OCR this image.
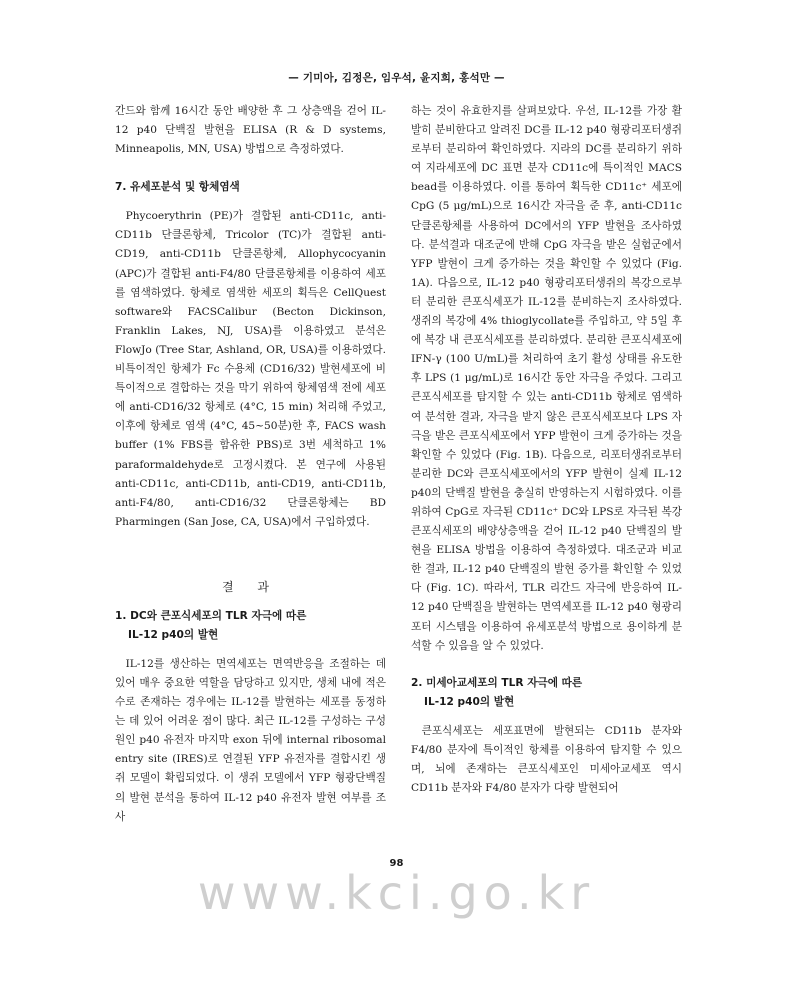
— 기미아, 김정은, 임우석, 윤지희, 홍석만 —

간드와 함께 16시간 동안 배양한 후 그 상층액을 걷어 IL-12 p40 단백질 발현을 ELISA (R & D systems, Minneapolis, MN, USA) 방법으로 측정하였다.

7. 유세포분석 및 항체염색

Phycoerythrin (PE)가 결합된 anti-CD11c, anti-CD11b 단클론항체, Tricolor (TC)가 결합된 anti-CD19, anti-CD11b 단클론항체, Allophycocyanin (APC)가 결합된 anti-F4/80 단클론항체를 이용하여 세포를 염색하였다. 항체로 염색한 세포의 획득은 CellQuest software와 FACSCalibur (Becton Dickinson, Franklin Lakes, NJ, USA)를 이용하였고 분석은 FlowJo (Tree Star, Ashland, OR, USA)를 이용하였다. 비특이적인 항체가 Fc 수용체 (CD16/32) 발현세포에 비특이적으로 결합하는 것을 막기 위하여 항체염색 전에 세포에 anti-CD16/32 항체로 (4°C, 15 min) 처리해 주었고, 이후에 항체로 염색 (4°C, 45~50분)한 후, FACS wash buffer (1% FBS를 함유한 PBS)로 3번 세척하고 1% paraformaldehyde로 고정시켰다. 본 연구에 사용된 anti-CD11c, anti-CD11b, anti-CD19, anti-CD11b, anti-F4/80, anti-CD16/32 단클론항체는 BD Pharmingen (San Jose, CA, USA)에서 구입하였다.

결 과
1. DC와 큰포식세포의 TLR 자극에 따른
IL-12 p40의 발현

IL-12를 생산하는 면역세포는 면역반응을 조절하는 데 있어 매우 중요한 역할을 담당하고 있지만, 생체 내에 적은 수로 존재하는 경우에는 IL-12를 발현하는 세포를 동정하는 데 있어 어려운 점이 많다. 최근 IL-12를 구성하는 구성원인 p40 유전자 마지막 exon 뒤에 internal ribosomal entry site (IRES)로 연결된 YFP 유전자를 결합시킨 생쥐 모델이 확립되었다. 이 생쥐 모델에서 YFP 형광단백질의 발현 분석을 통하여 IL-12 p40 유전자 발현 여부를 조사

하는 것이 유효한지를 살펴보았다. 우선, IL-12를 가장 활발히 분비한다고 알려진 DC를 IL-12 p40 형광리포터생쥐로부터 분리하여 확인하였다. 지라의 DC를 분리하기 위하여 지라세포에 DC 표면 분자 CD11c에 특이적인 MACS bead를 이용하였다. 이를 통하여 획득한 CD11c⁺ 세포에 CpG (5 μg/mL)으로 16시간 자극을 준 후, anti-CD11c 단클론항체를 사용하여 DC에서의 YFP 발현을 조사하였다. 분석결과 대조군에 반해 CpG 자극을 받은 실험군에서 YFP 발현이 크게 증가하는 것을 확인할 수 있었다 (Fig. 1A). 다음으로, IL-12 p40 형광리포터생쥐의 복강으로부터 분리한 큰포식세포가 IL-12를 분비하는지 조사하였다. 생쥐의 복강에 4% thioglycollate를 주입하고, 약 5일 후에 복강 내 큰포식세포를 분리하였다. 분리한 큰포식세포에 IFN-γ (100 U/mL)를 처리하여 초기 활성 상태를 유도한 후 LPS (1 μg/mL)로 16시간 동안 자극을 주었다. 그리고 큰포식세포를 탐지할 수 있는 anti-CD11b 항체로 염색하여 분석한 결과, 자극을 받지 않은 큰포식세포보다 LPS 자극을 받은 큰포식세포에서 YFP 발현이 크게 증가하는 것을 확인할 수 있었다 (Fig. 1B). 다음으로, 리포터생쥐로부터 분리한 DC와 큰포식세포에서의 YFP 발현이 실제 IL-12 p40의 단백질 발현을 충실히 반영하는지 시험하였다. 이를 위하여 CpG로 자극된 CD11c⁺ DC와 LPS로 자극된 복강 큰포식세포의 배양상층액을 걷어 IL-12 p40 단백질의 발현을 ELISA 방법을 이용하여 측정하였다. 대조군과 비교한 결과, IL-12 p40 단백질의 발현 증가를 확인할 수 있었다 (Fig. 1C). 따라서, TLR 리간드 자극에 반응하여 IL-12 p40 단백질을 발현하는 면역세포를 IL-12 p40 형광리포터 시스템을 이용하여 유세포분석 방법으로 용이하게 분석할 수 있음을 알 수 있었다.

2. 미세아교세포의 TLR 자극에 따른
IL-12 p40의 발현

큰포식세포는 세포표면에 발현되는 CD11b 분자와 F4/80 분자에 특이적인 항체를 이용하여 탐지할 수 있으며, 뇌에 존재하는 큰포식세포인 미세아교세포 역시 CD11b 분자와 F4/80 분자가 다량 발현되어

98
www.kci.go.kr
